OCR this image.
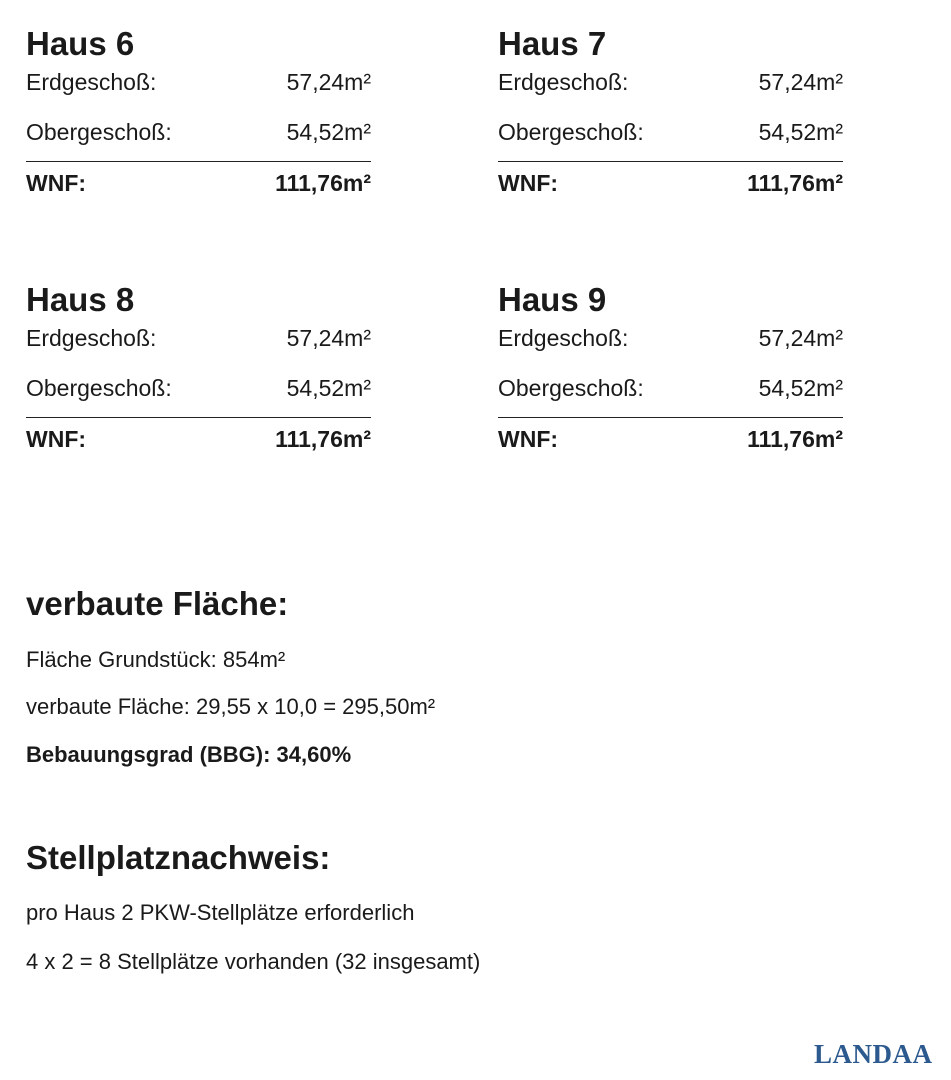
Haus 6
Erdgeschoß:	57,24m²
Obergeschoß:	54,52m²
WNF:	111,76m²
Haus 7
Erdgeschoß:	57,24m²
Obergeschoß:	54,52m²
WNF:	111,76m²
Haus 8
Erdgeschoß:	57,24m²
Obergeschoß:	54,52m²
WNF:	111,76m²
Haus 9
Erdgeschoß:	57,24m²
Obergeschoß:	54,52m²
WNF:	111,76m²
verbaute Fläche:
Fläche Grundstück: 854m²
verbaute Fläche: 29,55 x 10,0 = 295,50m²
Bebauungsgrad (BBG): 34,60%
Stellplatznachweis:
pro Haus 2 PKW-Stellplätze erforderlich
4 x 2 = 8 Stellplätze vorhanden (32 insgesamt)
LANDAA
